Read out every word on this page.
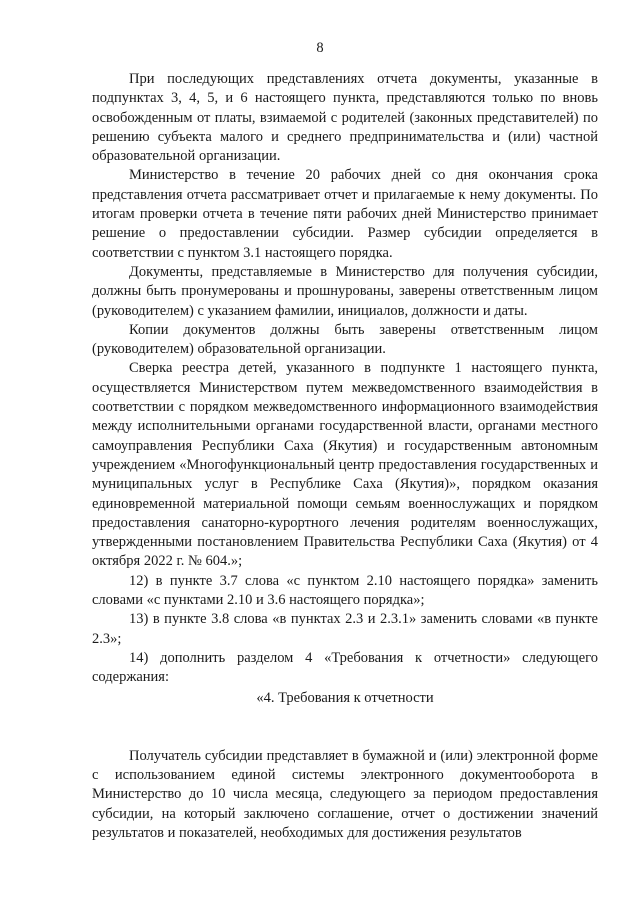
8

При последующих представлениях отчета документы, указанные в подпунктах 3, 4, 5, и 6 настоящего пункта, представляются только по вновь освобожденным от платы, взимаемой с родителей (законных представителей) по решению субъекта малого и среднего предпринимательства и (или) частной образовательной организации.

Министерство в течение 20 рабочих дней со дня окончания срока представления отчета рассматривает отчет и прилагаемые к нему документы. По итогам проверки отчета в течение пяти рабочих дней Министерство принимает решение о предоставлении субсидии. Размер субсидии определяется в соответствии с пунктом 3.1 настоящего порядка.

Документы, представляемые в Министерство для получения субсидии, должны быть пронумерованы и прошнурованы, заверены ответственным лицом (руководителем) с указанием фамилии, инициалов, должности и даты.

Копии документов должны быть заверены ответственным лицом (руководителем) образовательной организации.

Сверка реестра детей, указанного в подпункте 1 настоящего пункта, осуществляется Министерством путем межведомственного взаимодействия в соответствии с порядком межведомственного информационного взаимодействия между исполнительными органами государственной власти, органами местного самоуправления Республики Саха (Якутия) и государственным автономным учреждением «Многофункциональный центр предоставления государственных и муниципальных услуг в Республике Саха (Якутия)», порядком оказания единовременной материальной помощи семьям военнослужащих и порядком предоставления санаторно-курортного лечения родителям военнослужащих, утвержденными постановлением Правительства Республики Саха (Якутия) от 4 октября 2022 г. № 604.»;

12) в пункте 3.7 слова «с пунктом 2.10 настоящего порядка» заменить словами «с пунктами 2.10 и 3.6 настоящего порядка»;

13) в пункте 3.8 слова «в пунктах 2.3 и 2.3.1» заменить словами «в пункте 2.3»;

14) дополнить разделом 4 «Требования к отчетности» следующего содержания:

«4. Требования к отчетности

Получатель субсидии представляет в бумажной и (или) электронной форме с использованием единой системы электронного документооборота в Министерство до 10 числа месяца, следующего за периодом предоставления субсидии, на который заключено соглашение, отчет о достижении значений результатов и показателей, необходимых для достижения результатов
